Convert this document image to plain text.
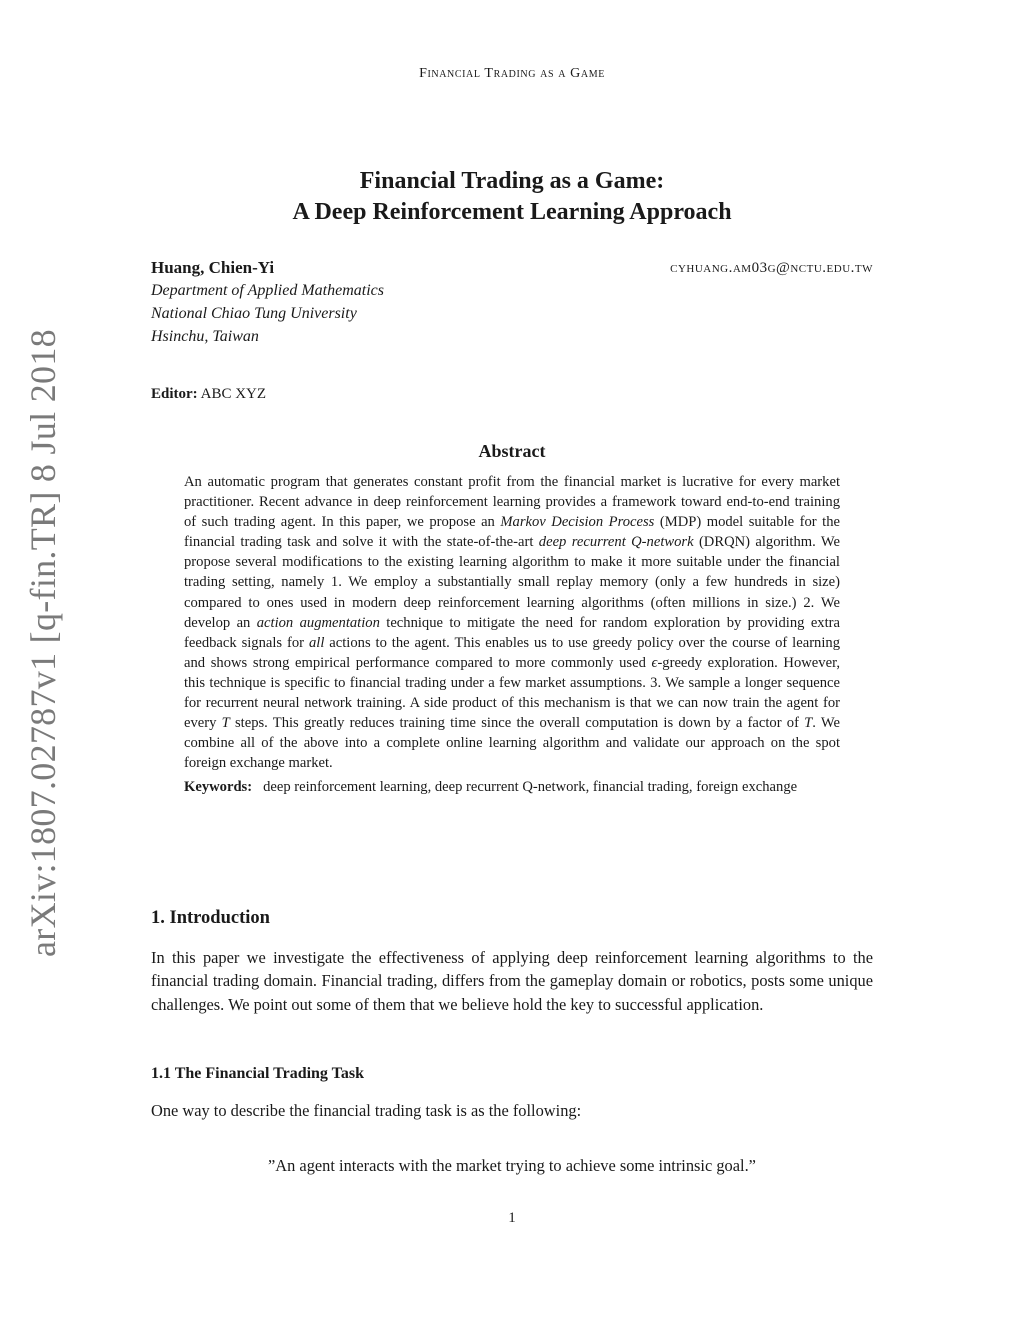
Financial Trading as a Game
arXiv:1807.02787v1 [q-fin.TR] 8 Jul 2018
Financial Trading as a Game:
A Deep Reinforcement Learning Approach
Huang, Chien-Yi	cyhuang.am03g@nctu.edu.tw
Department of Applied Mathematics
National Chiao Tung University
Hsinchu, Taiwan
Editor: ABC XYZ
Abstract

An automatic program that generates constant profit from the financial market is lucrative for every market practitioner. Recent advance in deep reinforcement learning provides a framework toward end-to-end training of such trading agent. In this paper, we propose an Markov Decision Process (MDP) model suitable for the financial trading task and solve it with the state-of-the-art deep recurrent Q-network (DRQN) algorithm. We propose several modifications to the existing learning algorithm to make it more suitable under the financial trading setting, namely 1. We employ a substantially small replay memory (only a few hundreds in size) compared to ones used in modern deep reinforcement learning algorithms (often millions in size.) 2. We develop an action augmentation technique to mitigate the need for random exploration by providing extra feedback signals for all actions to the agent. This enables us to use greedy policy over the course of learning and shows strong empirical performance compared to more commonly used ϵ-greedy exploration. However, this technique is specific to financial trading under a few market assumptions. 3. We sample a longer sequence for recurrent neural network training. A side product of this mechanism is that we can now train the agent for every T steps. This greatly reduces training time since the overall computation is down by a factor of T. We combine all of the above into a complete online learning algorithm and validate our approach on the spot foreign exchange market.

Keywords: deep reinforcement learning, deep recurrent Q-network, financial trading, foreign exchange

1. Introduction
In this paper we investigate the effectiveness of applying deep reinforcement learning algorithms to the financial trading domain. Financial trading, differs from the gameplay domain or robotics, posts some unique challenges. We point out some of them that we believe hold the key to successful application.
1.1 The Financial Trading Task
One way to describe the financial trading task is as the following:
”An agent interacts with the market trying to achieve some intrinsic goal.”
1
